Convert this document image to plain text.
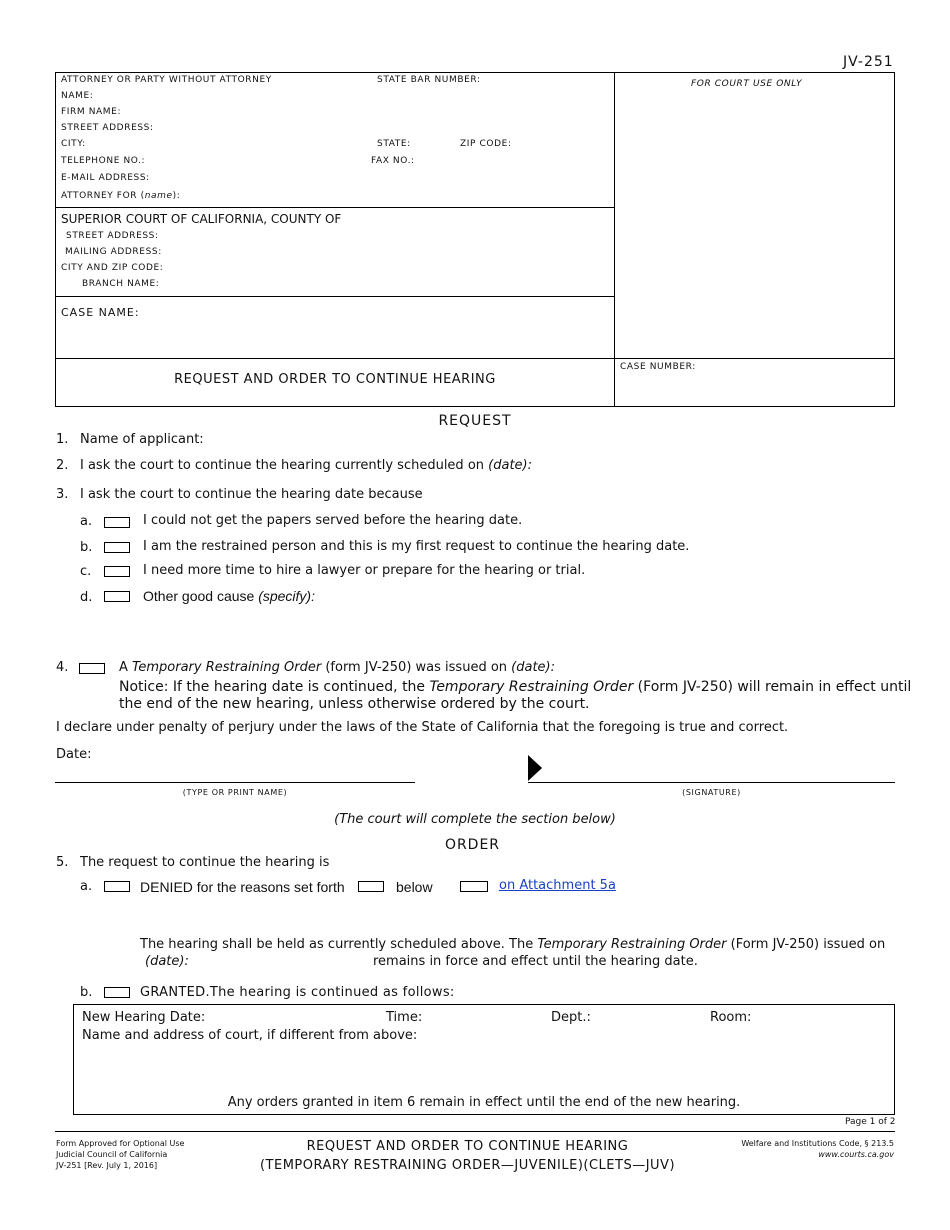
JV-251
ATTORNEY OR PARTY WITHOUT ATTORNEY	STATE BAR NUMBER:
NAME:
FIRM NAME:
STREET ADDRESS:
CITY:	STATE:	ZIP CODE:
TELEPHONE NO.:	FAX NO.:
E-MAIL ADDRESS:
ATTORNEY FOR (name):
FOR COURT USE ONLY
SUPERIOR COURT OF CALIFORNIA, COUNTY OF
STREET ADDRESS:
MAILING ADDRESS:
CITY AND ZIP CODE:
BRANCH NAME:
CASE NAME:
REQUEST AND ORDER TO CONTINUE HEARING
CASE NUMBER:
REQUEST
1. Name of applicant:
2. I ask the court to continue the hearing currently scheduled on (date):
3. I ask the court to continue the hearing date because
a.	I could not get the papers served before the hearing date.
b.	I am the restrained person and this is my first request to continue the hearing date.
c.	I need more time to hire a lawyer or prepare for the hearing or trial.
d.	Other good cause (specify):
4.	A Temporary Restraining Order (form JV-250) was issued on (date):
Notice: If the hearing date is continued, the Temporary Restraining Order (Form JV-250) will remain in effect until
the end of the new hearing, unless otherwise ordered by the court.
I declare under penalty of perjury under the laws of the State of California that the foregoing is true and correct.
Date:
(TYPE OR PRINT NAME)	(SIGNATURE)
(The court will complete the section below)
ORDER
5. The request to continue the hearing is
a.	DENIED for the reasons set forth	below	on Attachment 5a
The hearing shall be held as currently scheduled above. The Temporary Restraining Order (Form JV-250) issued on
(date):	remains in force and effect until the hearing date.
b.	GRANTED.The hearing is continued as follows:
New Hearing Date:	Time:	Dept.:	Room:
Name and address of court, if different from above:
Any orders granted in item 6 remain in effect until the end of the new hearing.
Page 1 of 2
Form Approved for Optional Use
Judicial Council of California
JV-251 [Rev. July 1, 2016]
REQUEST AND ORDER TO CONTINUE HEARING
(TEMPORARY RESTRAINING ORDER—JUVENILE)(CLETS—JUV)
Welfare and Institutions Code, § 213.5
www.courts.ca.gov
